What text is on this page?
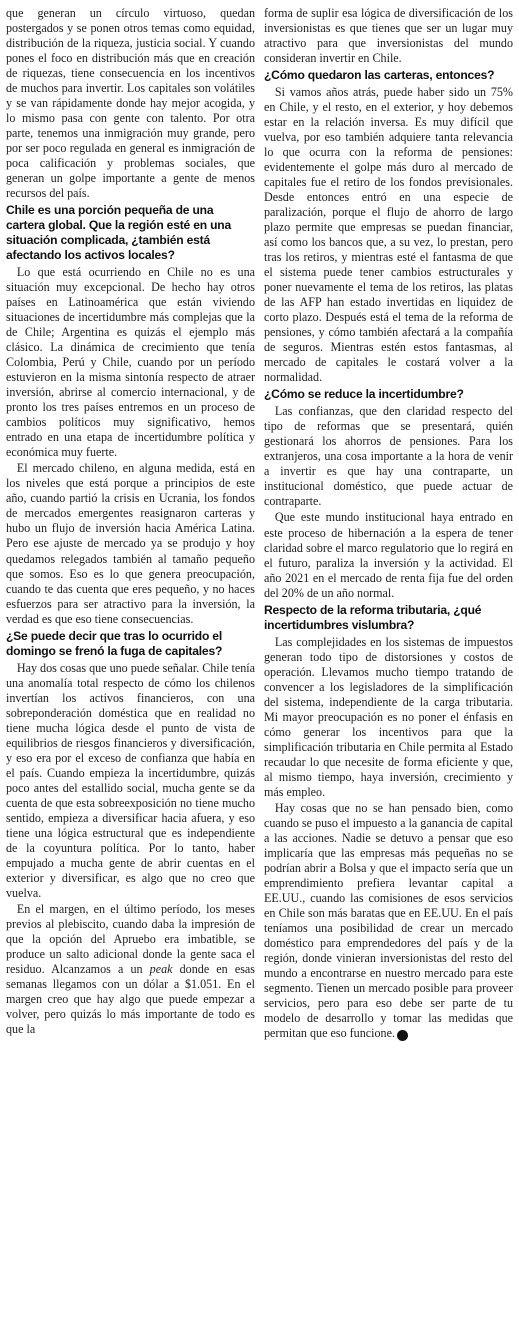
que generan un círculo virtuoso, quedan postergados y se ponen otros temas como equidad, distribución de la riqueza, justicia social. Y cuando pones el foco en distribución más que en creación de riquezas, tiene consecuencia en los incentivos de muchos para invertir. Los capitales son volátiles y se van rápidamente donde hay mejor acogida, y lo mismo pasa con gente con talento. Por otra parte, tenemos una inmigración muy grande, pero por ser poco regulada en general es inmigración de poca calificación y problemas sociales, que generan un golpe importante a gente de menos recursos del país.

Chile es una porción pequeña de una cartera global. Que la región esté en una situación complicada, ¿también está afectando los activos locales?

Lo que está ocurriendo en Chile no es una situación muy excepcional. De hecho hay otros países en Latinoamérica que están viviendo situaciones de incertidumbre más complejas que la de Chile; Argentina es quizás el ejemplo más clásico. La dinámica de crecimiento que tenía Colombia, Perú y Chile, cuando por un período estuvieron en la misma sintonía respecto de atraer inversión, abrirse al comercio internacional, y de pronto los tres países entremos en un proceso de cambios políticos muy significativo, hemos entrado en una etapa de incertidumbre política y económica muy fuerte.

El mercado chileno, en alguna medida, está en los niveles que está porque a principios de este año, cuando partió la crisis en Ucrania, los fondos de mercados emergentes reasignaron carteras y hubo un flujo de inversión hacia América Latina. Pero ese ajuste de mercado ya se produjo y hoy quedamos relegados también al tamaño pequeño que somos. Eso es lo que genera preocupación, cuando te das cuenta que eres pequeño, y no haces esfuerzos para ser atractivo para la inversión, la verdad es que eso tiene consecuencias.

¿Se puede decir que tras lo ocurrido el domingo se frenó la fuga de capitales?

Hay dos cosas que uno puede señalar. Chile tenía una anomalía total respecto de cómo los chilenos invertían los activos financieros, con una sobreponderación doméstica que en realidad no tiene mucha lógica desde el punto de vista de equilibrios de riesgos financieros y diversificación, y eso era por el exceso de confianza que había en el país. Cuando empieza la incertidumbre, quizás poco antes del estallido social, mucha gente se da cuenta de que esta sobreexposición no tiene mucho sentido, empieza a diversificar hacia afuera, y eso tiene una lógica estructural que es independiente de la coyuntura política. Por lo tanto, haber empujado a mucha gente de abrir cuentas en el exterior y diversificar, es algo que no creo que vuelva.

En el margen, en el último período, los meses previos al plebiscito, cuando daba la impresión de que la opción del Apruebo era imbatible, se produce un salto adicional donde la gente saca el residuo. Alcanzamos a un peak donde en esas semanas llegamos con un dólar a $1.051. En el margen creo que hay algo que puede empezar a volver, pero quizás lo más importante de todo es que la

forma de suplir esa lógica de diversificación de los inversionistas es que tienes que ser un lugar muy atractivo para que inversionistas del mundo consideran invertir en Chile.

¿Cómo quedaron las carteras, entonces?

Si vamos años atrás, puede haber sido un 75% en Chile, y el resto, en el exterior, y hoy debemos estar en la relación inversa. Es muy difícil que vuelva, por eso también adquiere tanta relevancia lo que ocurra con la reforma de pensiones: evidentemente el golpe más duro al mercado de capitales fue el retiro de los fondos previsionales. Desde entonces entró en una especie de paralización, porque el flujo de ahorro de largo plazo permite que empresas se puedan financiar, así como los bancos que, a su vez, lo prestan, pero tras los retiros, y mientras esté el fantasma de que el sistema puede tener cambios estructurales y poner nuevamente el tema de los retiros, las platas de las AFP han estado invertidas en liquidez de corto plazo. Después está el tema de la reforma de pensiones, y cómo también afectará a la compañía de seguros. Mientras estén estos fantasmas, al mercado de capitales le costará volver a la normalidad.

¿Cómo se reduce la incertidumbre?

Las confianzas, que den claridad respecto del tipo de reformas que se presentará, quién gestionará los ahorros de pensiones. Para los extranjeros, una cosa importante a la hora de venir a invertir es que hay una contraparte, un institucional doméstico, que puede actuar de contraparte.

Que este mundo institucional haya entrado en este proceso de hibernación a la espera de tener claridad sobre el marco regulatorio que lo regirá en el futuro, paraliza la inversión y la actividad. El año 2021 en el mercado de renta fija fue del orden del 20% de un año normal.

Respecto de la reforma tributaria, ¿qué incertidumbres vislumbra?

Las complejidades en los sistemas de impuestos generan todo tipo de distorsiones y costos de operación. Llevamos mucho tiempo tratando de convencer a los legisladores de la simplificación del sistema, independiente de la carga tributaria. Mi mayor preocupación es no poner el énfasis en cómo generar los incentivos para que la simplificación tributaria en Chile permita al Estado recaudar lo que necesite de forma eficiente y que, al mismo tiempo, haya inversión, crecimiento y más empleo.

Hay cosas que no se han pensado bien, como cuando se puso el impuesto a la ganancia de capital a las acciones. Nadie se detuvo a pensar que eso implicaría que las empresas más pequeñas no se podrían abrir a Bolsa y que el impacto sería que un emprendimiento prefiera levantar capital a EE.UU., cuando las comisiones de esos servicios en Chile son más baratas que en EE.UU. En el país teníamos una posibilidad de crear un mercado doméstico para emprendedores del país y de la región, donde vinieran inversionistas del resto del mundo a encontrarse en nuestro mercado para este segmento. Tienen un mercado posible para proveer servicios, pero para eso debe ser parte de tu modelo de desarrollo y tomar las medidas que permitan que eso funcione. P
